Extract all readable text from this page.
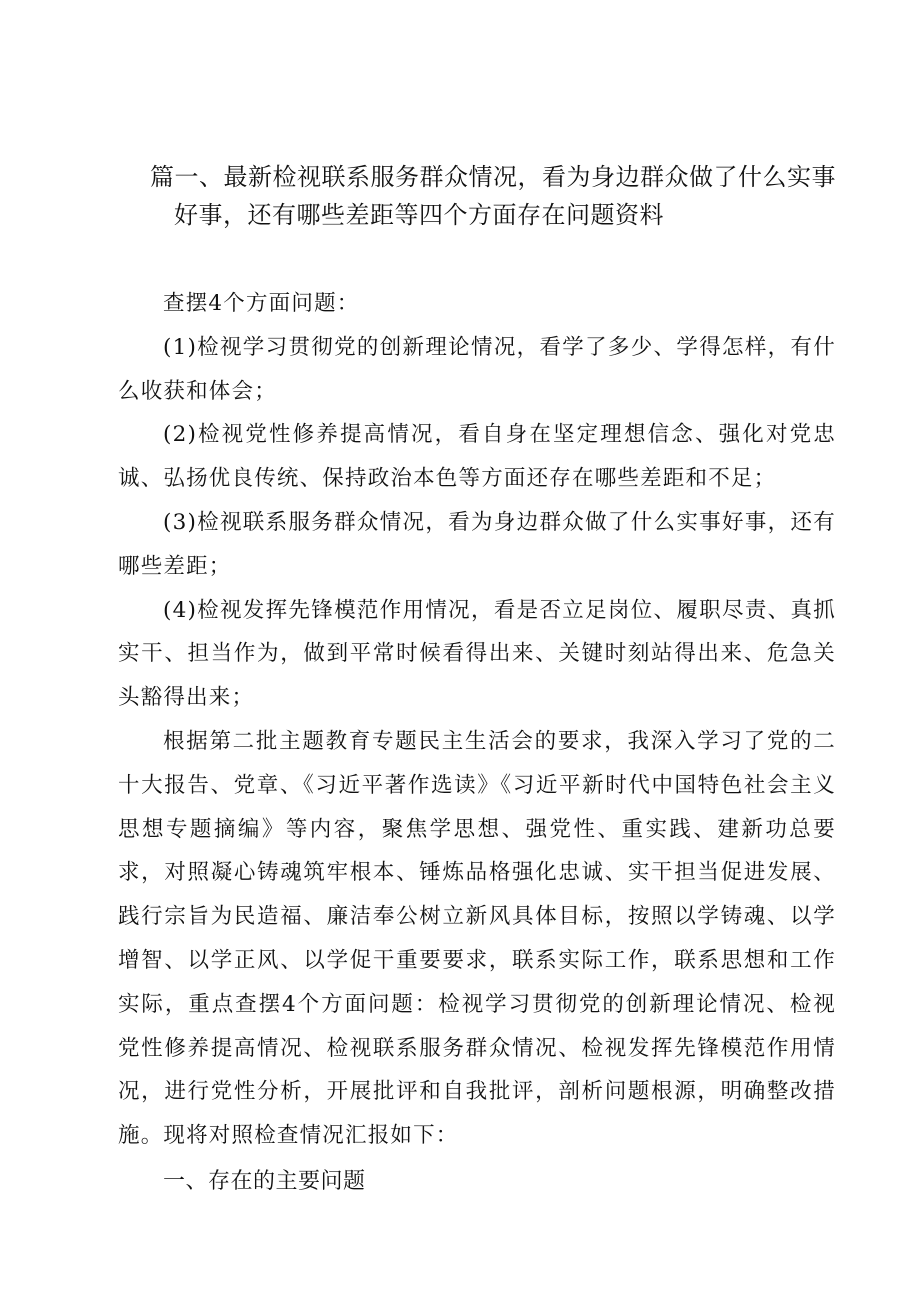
篇一、最新检视联系服务群众情况，看为身边群众做了什么实事好事，还有哪些差距等四个方面存在问题资料

查摆4个方面问题：

(1)检视学习贯彻党的创新理论情况，看学了多少、学得怎样，有什么收获和体会；

(2)检视党性修养提高情况，看自身在坚定理想信念、强化对党忠诚、弘扬优良传统、保持政治本色等方面还存在哪些差距和不足；

(3)检视联系服务群众情况，看为身边群众做了什么实事好事，还有哪些差距；

(4)检视发挥先锋模范作用情况，看是否立足岗位、履职尽责、真抓实干、担当作为，做到平常时候看得出来、关键时刻站得出来、危急关头豁得出来；

根据第二批主题教育专题民主生活会的要求，我深入学习了党的二十大报告、党章、《习近平著作选读》《习近平新时代中国特色社会主义思想专题摘编》等内容，聚焦学思想、强党性、重实践、建新功总要求，对照凝心铸魂筑牢根本、锤炼品格强化忠诚、实干担当促进发展、践行宗旨为民造福、廉洁奉公树立新风具体目标，按照以学铸魂、以学增智、以学正风、以学促干重要要求，联系实际工作，联系思想和工作实际，重点查摆4个方面问题：检视学习贯彻党的创新理论情况、检视党性修养提高情况、检视联系服务群众情况、检视发挥先锋模范作用情况，进行党性分析，开展批评和自我批评，剖析问题根源，明确整改措施。现将对照检查情况汇报如下：

一、存在的主要问题
